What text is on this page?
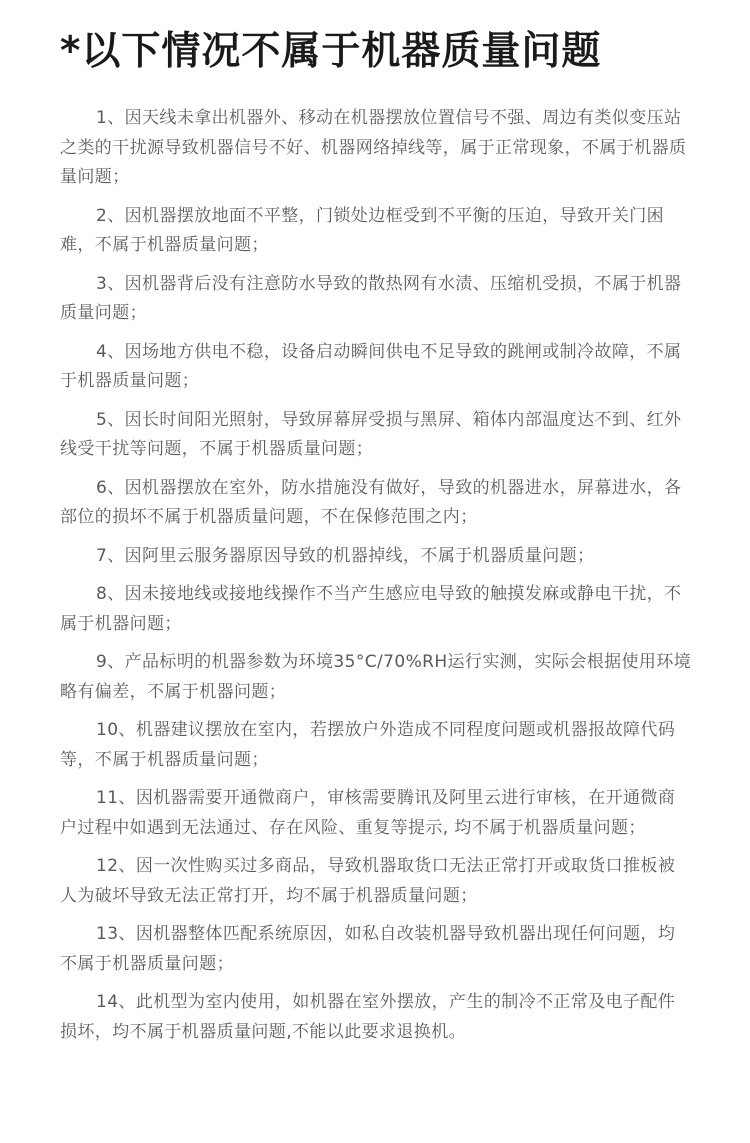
*以下情况不属于机器质量问题

1、因天线未拿出机器外、移动在机器摆放位置信号不强、周边有类似变压站之类的干扰源导致机器信号不好、机器网络掉线等，属于正常现象，不属于机器质量问题；

2、因机器摆放地面不平整，门锁处边框受到不平衡的压迫，导致开关门困难，不属于机器质量问题；

3、因机器背后没有注意防水导致的散热网有水渍、压缩机受损，不属于机器质量问题；

4、因场地方供电不稳，设备启动瞬间供电不足导致的跳闸或制冷故障，不属于机器质量问题；

5、因长时间阳光照射，导致屏幕屏受损与黑屏、箱体内部温度达不到、红外线受干扰等问题，不属于机器质量问题；

6、因机器摆放在室外，防水措施没有做好，导致的机器进水，屏幕进水，各部位的损坏不属于机器质量问题，不在保修范围之内；

7、因阿里云服务器原因导致的机器掉线，不属于机器质量问题；

8、因未接地线或接地线操作不当产生感应电导致的触摸发麻或静电干扰，不属于机器问题；

9、产品标明的机器参数为环境35°C/70%RH运行实测，实际会根据使用环境略有偏差，不属于机器问题；

10、机器建议摆放在室内，若摆放户外造成不同程度问题或机器报故障代码等，不属于机器质量问题；

11、因机器需要开通微商户，审核需要腾讯及阿里云进行审核，在开通微商户过程中如遇到无法通过、存在风险、重复等提示, 均不属于机器质量问题；

12、因一次性购买过多商品，导致机器取货口无法正常打开或取货口推板被人为破坏导致无法正常打开，均不属于机器质量问题；

13、因机器整体匹配系统原因，如私自改装机器导致机器出现任何问题，均不属于机器质量问题；

14、此机型为室内使用，如机器在室外摆放，产生的制冷不正常及电子配件损坏，均不属于机器质量问题,不能以此要求退换机。
